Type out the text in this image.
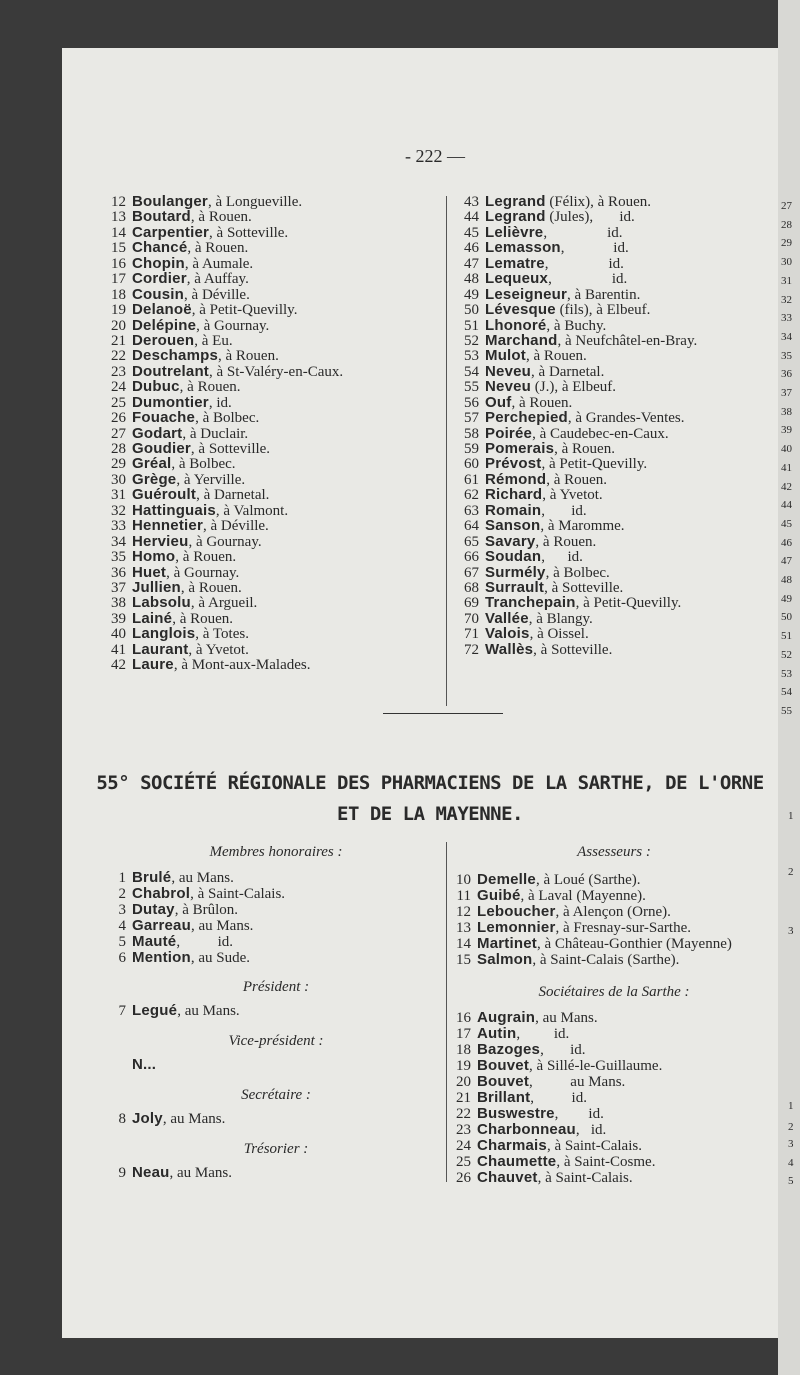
- 222 —
12 Boulanger, à Longueville.
13 Boutard, à Rouen.
14 Carpentier, à Sotteville.
15 Chancé, à Rouen.
16 Chopin, à Aumale.
17 Cordier, à Auffay.
18 Cousin, à Déville.
19 Delanoë, à Petit-Quevilly.
20 Delépine, à Gournay.
21 Derouen, à Eu.
22 Deschamps, à Rouen.
23 Doutrelant, à St-Valéry-en-Caux.
24 Dubuc, à Rouen.
25 Dumontier, id.
26 Fouache, à Bolbec.
27 Godart, à Duclair.
28 Goudier, à Sotteville.
29 Gréal, à Bolbec.
30 Grège, à Yerville.
31 Guéroult, à Darnetal.
32 Hattinguais, à Valmont.
33 Hennetier, à Déville.
34 Hervieu, à Gournay.
35 Homo, à Rouen.
36 Huet, à Gournay.
37 Jullien, à Rouen.
38 Labsolu, à Argueil.
39 Lainé, à Rouen.
40 Langlois, à Totes.
41 Laurant, à Yvetot.
42 Laure, à Mont-aux-Malades.
43 Legrand (Félix), à Rouen.
44 Legrand (Jules),       id.
45 Lelièvre,                id.
46 Lemasson,             id.
47 Lematre,                id.
48 Lequeux,                id.
49 Leseigneur, à Barentin.
50 Lévesque (fils), à Elbeuf.
51 Lhonoré, à Buchy.
52 Marchand, à Neufchâtel-en-Bray.
53 Mulot, à Rouen.
54 Neveu, à Darnetal.
55 Neveu (J.), à Elbeuf.
56 Ouf, à Rouen.
57 Perchepied, à Grandes-Ventes.
58 Poirée, à Caudebec-en-Caux.
59 Pomerais, à Rouen.
60 Prévost, à Petit-Quevilly.
61 Rémond, à Rouen.
62 Richard, à Yvetot.
63 Romain,       id.
64 Sanson, à Maromme.
65 Savary, à Rouen.
66 Soudan,      id.
67 Surmély, à Bolbec.
68 Surrault, à Sotteville.
69 Tranchepain, à Petit-Quevilly.
70 Vallée, à Blangy.
71 Valois, à Oissel.
72 Wallès, à Sotteville.
55° SOCIÉTÉ RÉGIONALE DES PHARMACIENS DE LA SARTHE, DE L'ORNE
ET DE LA MAYENNE.
Membres honoraires :
1 Brulé, au Mans.
2 Chabrol, à Saint-Calais.
3 Dutay, à Brûlon.
4 Garreau, au Mans.
5 Mauté,          id.
6 Mention, au Sude.
Président :
7 Legué, au Mans.
Vice-président :
N...
Secrétaire :
8 Joly, au Mans.
Trésorier :
9 Neau, au Mans.
Assesseurs :
10 Demelle, à Loué (Sarthe).
11 Guibé, à Laval (Mayenne).
12 Leboucher, à Alençon (Orne).
13 Lemonnier, à Fresnay-sur-Sarthe.
14 Martinet, à Château-Gonthier (Mayenne)
15 Salmon, à Saint-Calais (Sarthe).
Sociétaires de la Sarthe :
16 Augrain, au Mans.
17 Autin,         id.
18 Bazoges,       id.
19 Bouvet, à Sillé-le-Guillaume.
20 Bouvet,          au Mans.
21 Brillant,          id.
22 Buswestre,        id.
23 Charbonneau,   id.
24 Charmais, à Saint-Calais.
25 Chaumette, à Saint-Cosme.
26 Chauvet, à Saint-Calais.
27
28
29
30
31
32
33
34
35
36
37
38
39
40
41
42
44
45
46
47
48
49
50
51
52
53
54
55
1
2
3
1
2
3
4
5
